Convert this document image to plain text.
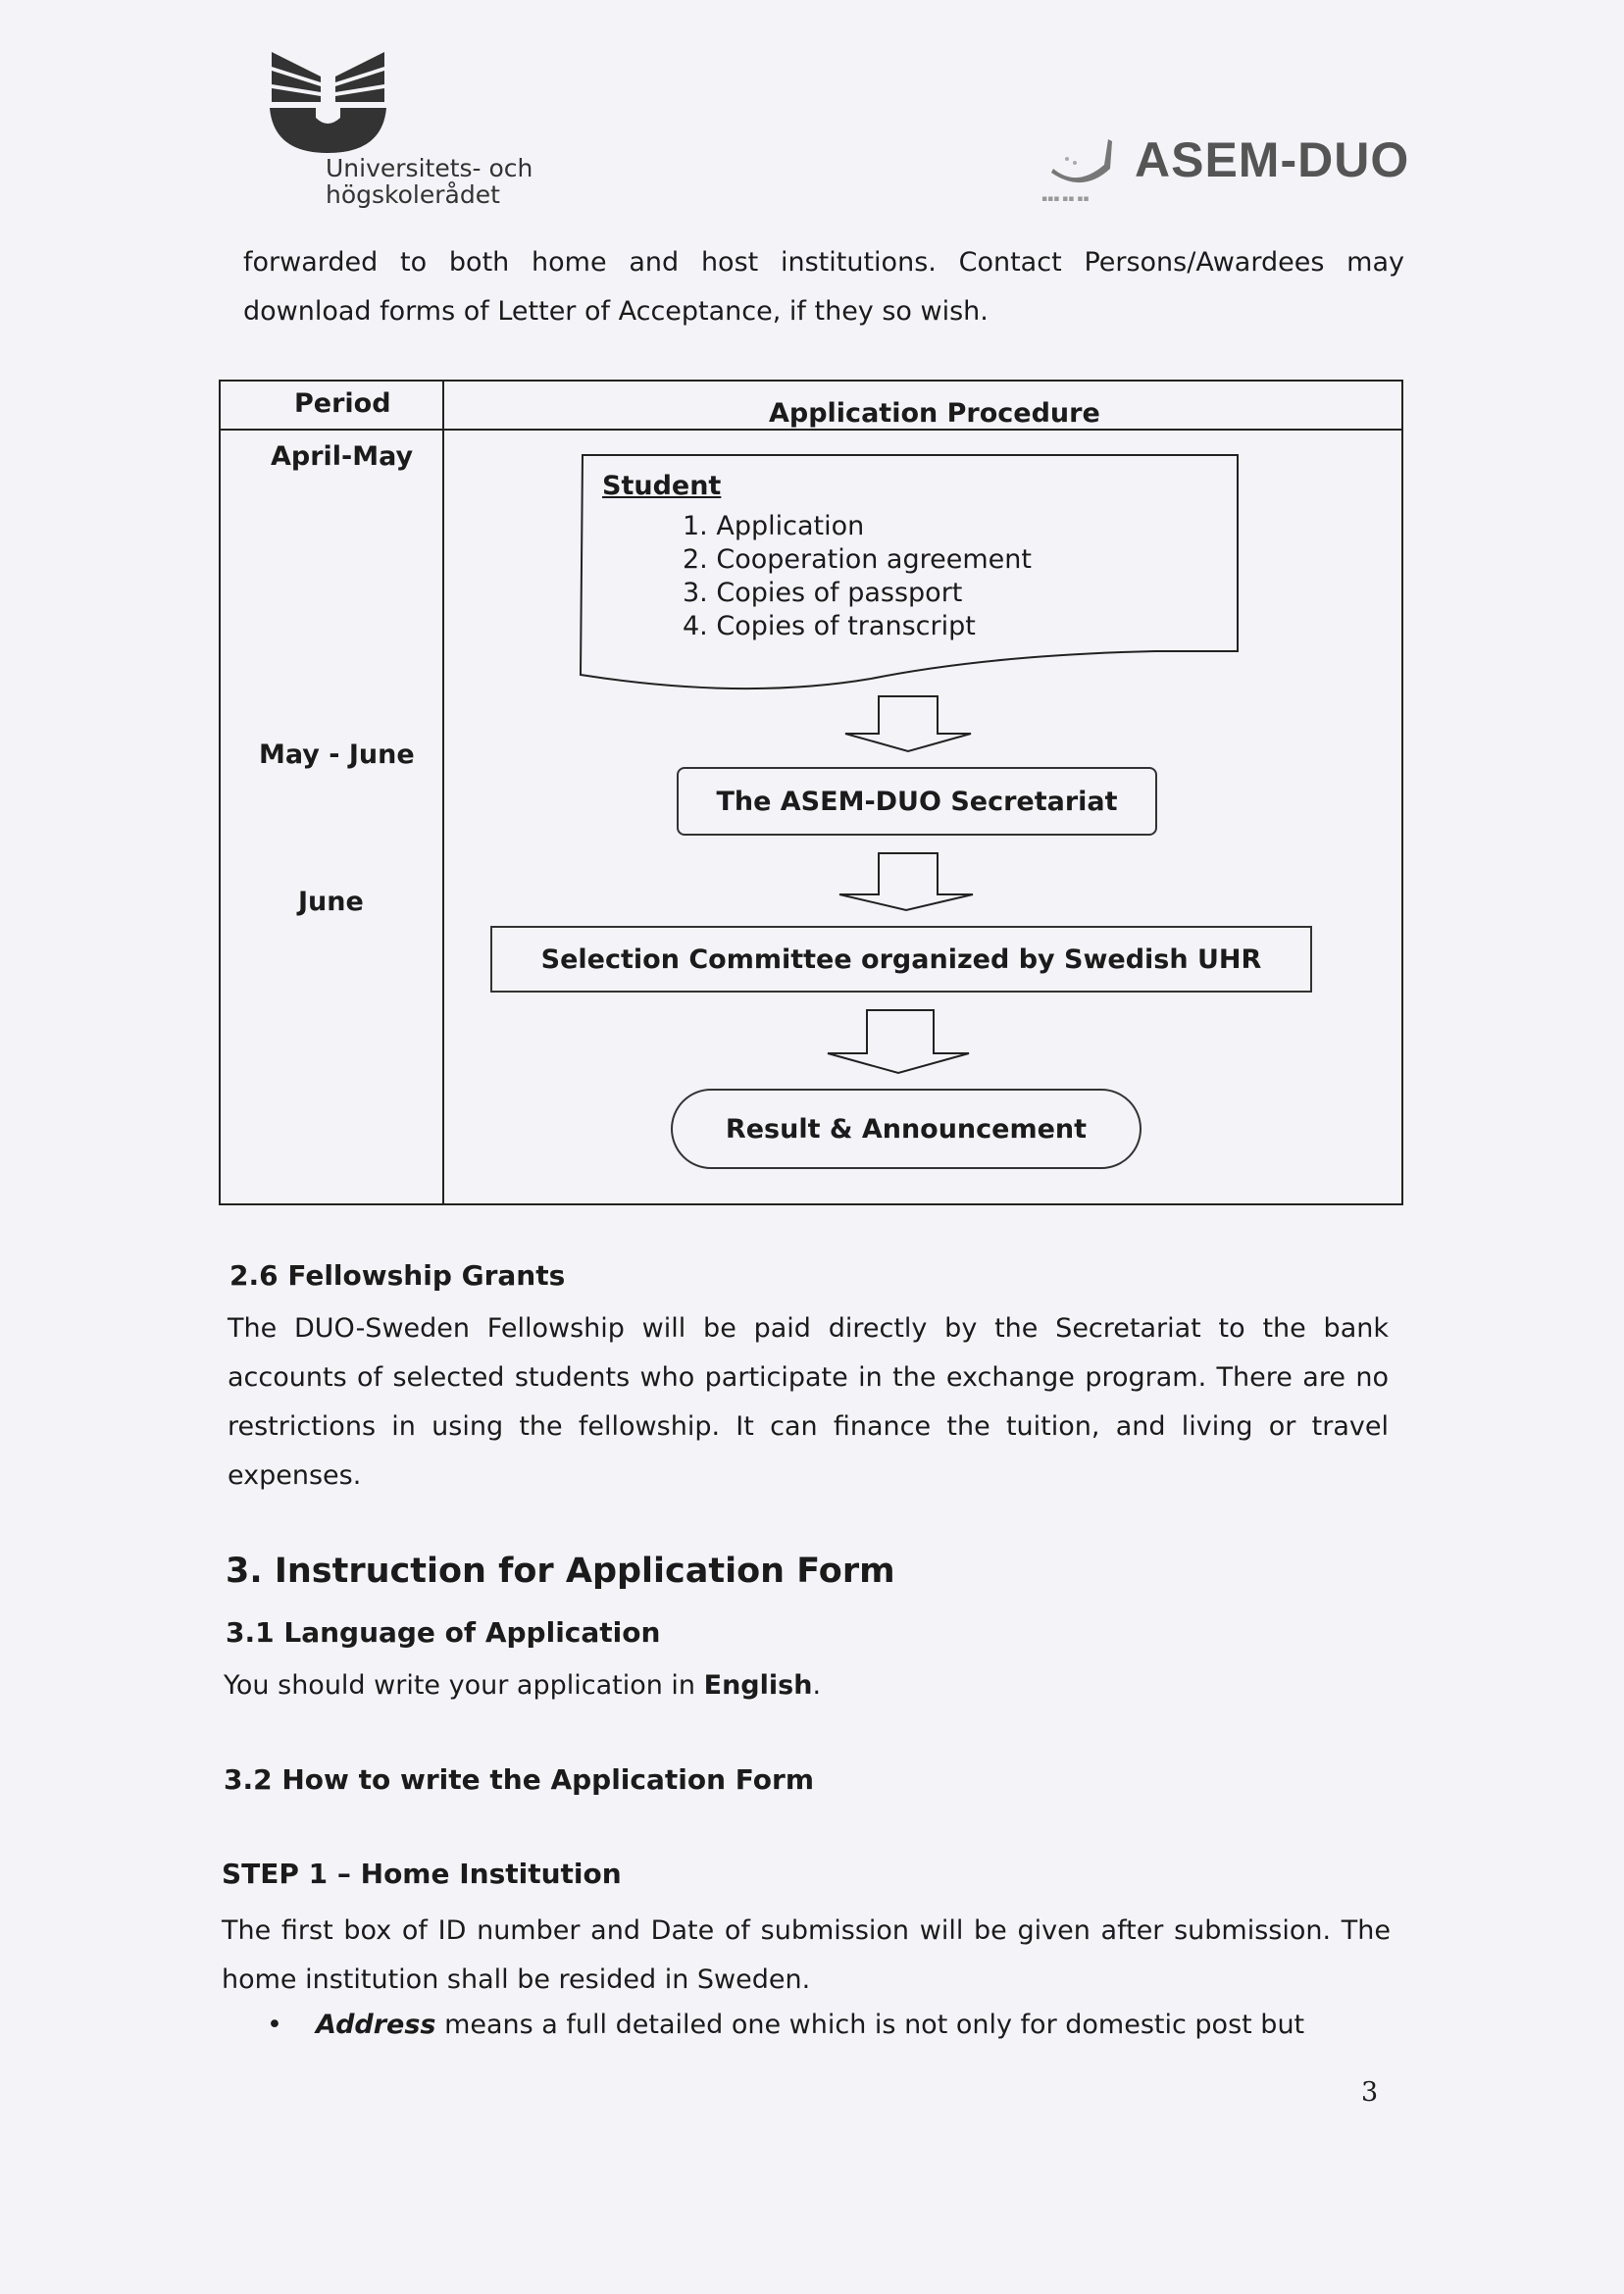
Universitets- och
högskolerådet
ASEM-DUO
▪▪▪ ▪▪ ▪▪
forwarded to both home and host institutions. Contact Persons/Awardees may download forms of Letter of Acceptance, if they so wish.
Period	Application Procedure
April-May
May - June
June
Student
1. Application
2. Cooperation agreement
3. Copies of passport
4. Copies of transcript
The ASEM-DUO Secretariat
Selection Committee organized by Swedish UHR
Result & Announcement
2.6 Fellowship Grants
The DUO-Sweden Fellowship will be paid directly by the Secretariat to the bank accounts of selected students who participate in the exchange program. There are no restrictions in using the fellowship. It can finance the tuition, and living or travel expenses.
3. Instruction for Application Form
3.1 Language of Application
You should write your application in English.
3.2 How to write the Application Form
STEP 1 – Home Institution
The first box of ID number and Date of submission will be given after submission. The home institution shall be resided in Sweden.
• Address means a full detailed one which is not only for domestic post but
3
